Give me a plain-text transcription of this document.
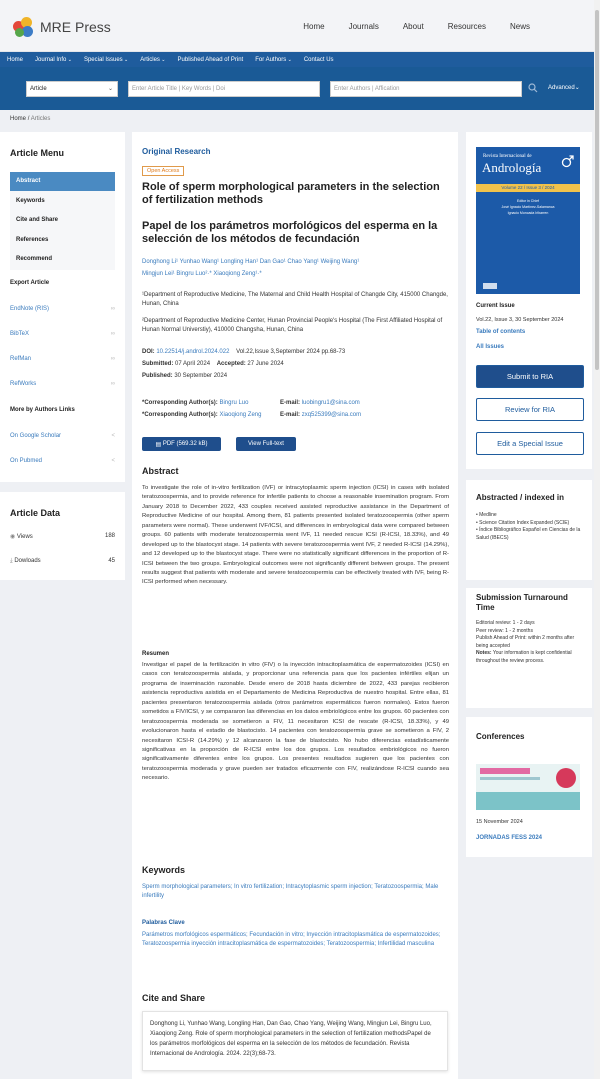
MRE Press	Home	Journals	About	Resources	News
Home Journal Info ⌄	Special Issues ⌄	Articles ⌄	Published Ahead of Print For Authors ⌄	Contact Us
Article	⌄	Enter Article Title | Key Words | Doi	Enter Authors | Affication	Advanced⌄
Home / Articles
Article Menu
Abstract
Keywords
Cite and Share
References
Recommend
Export Article
EndNote (RIS)	∞
BibTeX	∞
RefMan	∞
RefWorks	∞
More by Authors Links
On Google Scholar	<
On Pubmed	<
Article Data
◉ Views	188
⤓ Dowloads	45
Original Research
Open Access
Role of sperm morphological parameters in the selection of fertilization methods
Papel de los parámetros morfológicos del esperma en la selección de los métodos de fecundación
Donghong Li¹ Yunhao Wang¹ Longling Han¹ Dan Gao¹ Chao Yang¹ Weijing Wang¹
Mingjun Lei¹ Bingru Luo²·* Xiaoqiong Zeng¹·*
¹Department of Reproductive Medicine, The Maternal and Child Health Hospital of Changde City, 415000 Changde, Hunan, China
²Department of Reproductive Medicine Center, Hunan Provincial People's Hospital (The First Affiliated Hospital of Hunan Normal Universtiy), 410000 Changsha, Hunan, China
DOI: 10.22514/j.androl.2024.022 Vol.22,Issue 3,September 2024 pp.68-73
Submitted: 07 April 2024 Accepted: 27 June 2024
Published: 30 September 2024
*Corresponding Author(s): Bingru Luo	E-mail: luobingru1@sina.com
*Corresponding Author(s): Xiaoqiong Zeng	E-mail: zxq525399@sina.com
▤ PDF (569.32 kB)	View Full-text
Abstract
To investigate the role of in-vitro fertilization (IVF) or intracytoplasmic sperm injection (ICSI) in cases with isolated teratozoospermia, and to provide reference for infertile patients to choose a reasonable insemination program. From January 2018 to December 2022, 433 couples received assisted reproductive assistance in the Department of Reproductive Medicine of our hospital. Among them, 81 patients presented isolated teratozoospermia (other sperm parameters were normal). These underwent IVF/ICSI, and differences in embryological data were compared between groups. 60 patients with moderate teratozoospermia went IVF, 11 needed rescue ICSI (R-ICSI, 18.33%), and 49 developed up to the blastocyst stage. 14 patients with severe teratozoospermia went IVF, 2 needed R-ICSI (14.29%), and 12 developed up to the blastocyst stage. There were no statistically significant differences in the proportion of R-ICSI between the two groups. Embryological outcomes were not significantly different between groups. The present results suggest that patients with moderate and severe teratozoospermia can be effectively treated with IVF, being R-ICSI performed when necessary.
Resumen
Investigar el papel de la fertilización in vitro (FIV) o la inyección intracitoplasmática de espermatozoides (ICSI) en casos con teratozoospermia aislada, y proporcionar una referencia para que los pacientes infértiles elijan un programa de inseminación razonable. Desde enero de 2018 hasta diciembre de 2022, 433 parejas recibieron asistencia reproductiva asistida en el Departamento de Medicina Reproductiva de nuestro hospital. Entre ellas, 81 pacientes presentaron teratozoospermia aislada (otros parámetros espermáticos fueron normales). Estos fueron sometidos a FIV/ICSI, y se compararon las diferencias en los datos embriológicos entre los grupos. 60 pacientes con teratozoospermia moderada se sometieron a FIV, 11 necesitaron ICSI de rescate (R-ICSI, 18.33%), y 49 evolucionaron hasta el estadio de blastocisto. 14 pacientes con teratozoospermia grave se sometieron a FIV, 2 necesitaron ICSI-R (14.29%) y 12 alcanzaron la fase de blastocisto. No hubo diferencias estadísticamente significativas en la proporción de R-ICSI entre los dos grupos. Los resultados embriológicos no fueron significativamente diferentes entre los grupos. Los presentes resultados sugieren que los pacientes con teratozoospermia moderada y grave pueden ser tratados eficazmente con FIV, realizándose R-ICSI cuando sea necesario.
Keywords
Sperm morphological parameters; In vitro fertilization; Intracytoplasmic sperm injection; Teratozoospermia; Male infertility
Palabras Clave
Parámetros morfológicos espermáticos; Fecundación in vitro; Inyección intracitoplasmática de espermatozoides; Teratozoospermia inyección intracitoplasmática de espermatozoides; Teratozoospermia; Infertilidad masculina
Cite and Share
Donghong Li, Yunhao Wang, Longling Han, Dan Gao, Chao Yang, Weijing Wang, Mingjun Lei, Bingru Luo, Xiaoqiong Zeng. Role of sperm morphological parameters in the selection of fertilization methodsPapel de los parámetros morfológicos del esperma en la selección de los métodos de fecundación. Revista Internacional de Andrología. 2024. 22(3);68-73.
Revista Internacional de
Andrología
Volume 22 / Issue 3 / 2024
Editor in Chief
José Ignacio Martínez-Salamanca
Ignacio Moncada Iribarren
Current Issue
Vol.22, Issue 3, 30 September 2024
Table of contents
All Issues
Submit to RIA
Review for RIA
Edit a Special Issue
Abstracted / indexed in
• Medline
• Science Citation Index Expanded (SCIE)
• Índice Bibliográfico Español en Ciencias de la Salud (IBECS)
Submission Turnaround Time
Editorial review: 1 - 2 days
Peer review: 1 - 2 months
Publish Ahead of Print: within 2 months after being accepted
Notes: Your information is kept confidential throughout the review process.
Conferences
15 November 2024
JORNADAS FESS 2024
